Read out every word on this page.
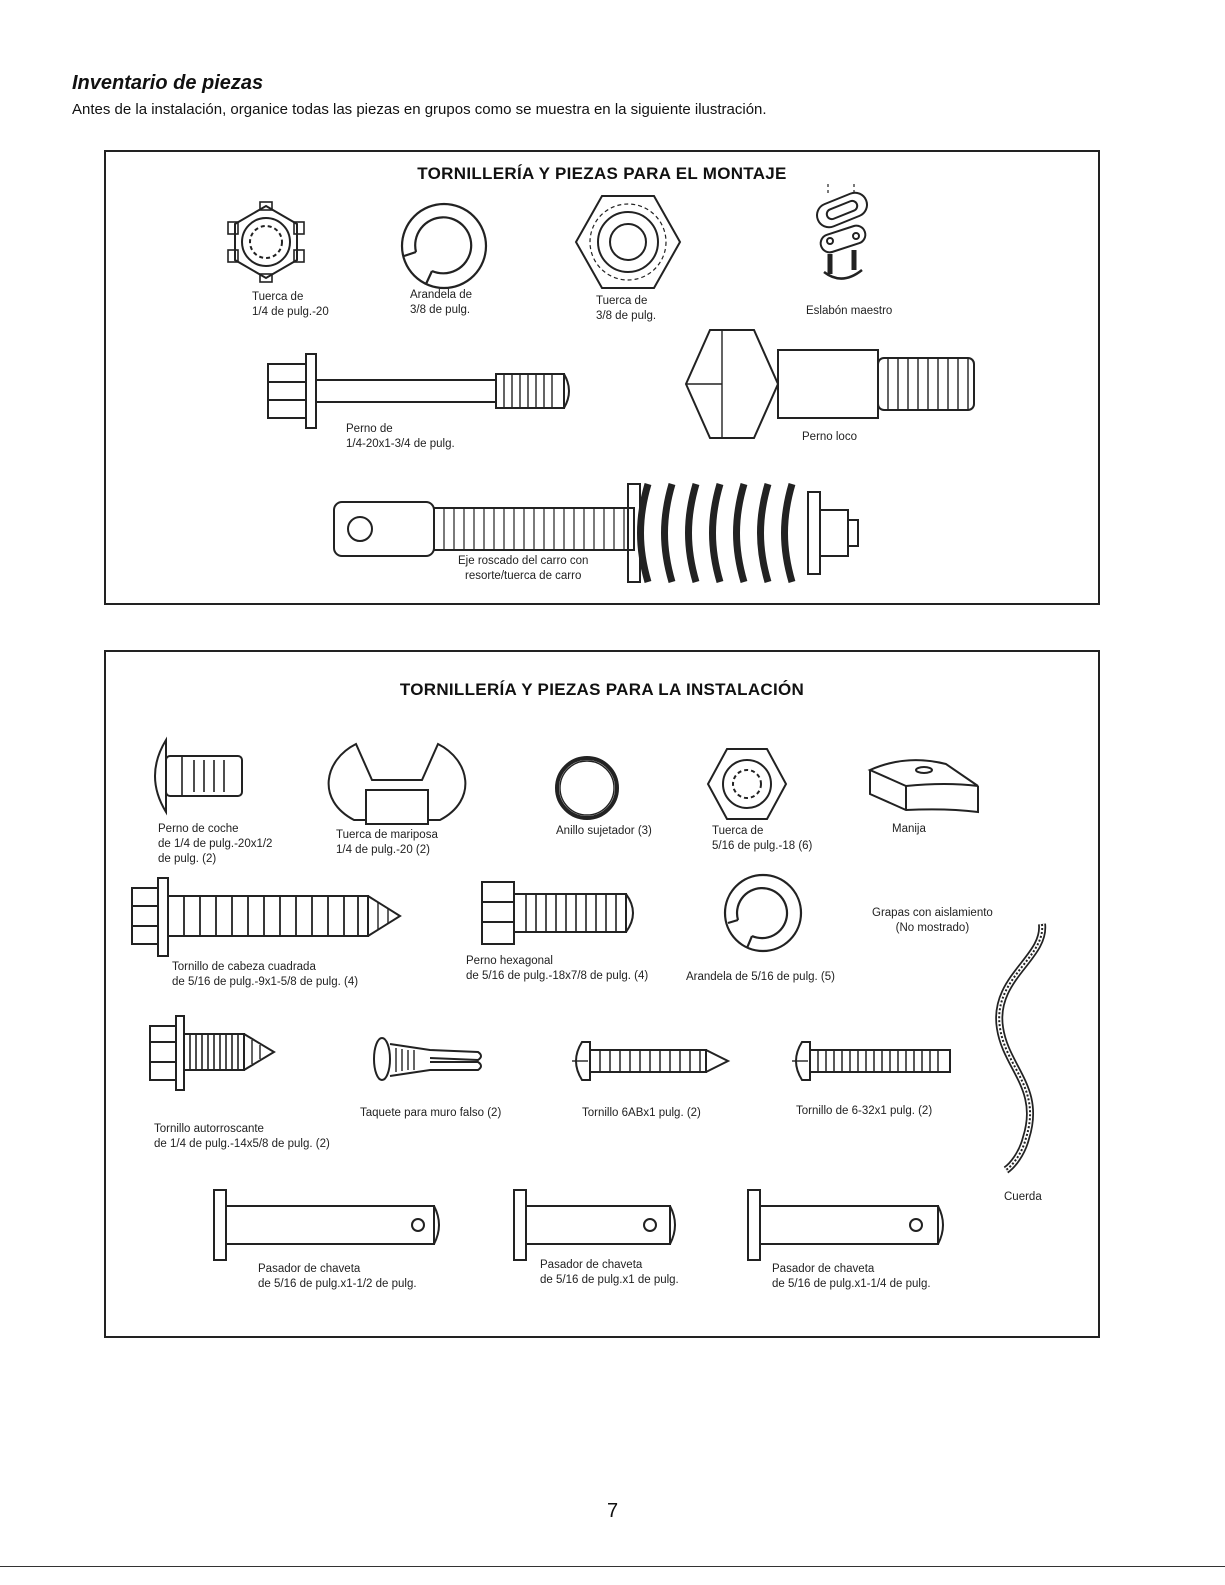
Inventario de piezas

Antes de la instalación, organice todas las piezas en grupos como se muestra en la siguiente ilustración.

TORNILLERÍA Y PIEZAS PARA EL MONTAJE
Tuerca de
1/4 de pulg.-20
Arandela de
3/8 de pulg.
Tuerca de
3/8 de pulg.	Eslabón maestro
Perno de
1/4-20x1-3/4 de pulg.
Perno loco
Eje roscado del carro con
resorte/tuerca de carro
TORNILLERÍA Y PIEZAS PARA LA INSTALACIÓN
Perno de coche
de 1/4 de pulg.-20x1/2
de pulg. (2)
Tuerca de mariposa
1/4 de pulg.-20 (2)
Anillo sujetador (3)	Tuerca de
5/16 de pulg.-18 (6)
Manija
Grapas con aislamiento
(No mostrado)
Tornillo de cabeza cuadrada
de 5/16 de pulg.-9x1-5/8 de pulg. (4)
Perno hexagonal
de 5/16 de pulg.-18x7/8 de pulg. (4)	Arandela de 5/16 de pulg. (5)
Cuerda
Tornillo autorroscante
de 1/4 de pulg.-14x5/8 de pulg. (2)
Taquete para muro falso (2)	Tornillo 6ABx1 pulg. (2)	Tornillo de 6-32x1 pulg. (2)
Pasador de chaveta
de 5/16 de pulg.x1-1/2 de pulg.
Pasador de chaveta
de 5/16 de pulg.x1 de pulg.
Pasador de chaveta
de 5/16 de pulg.x1-1/4 de pulg.
7
